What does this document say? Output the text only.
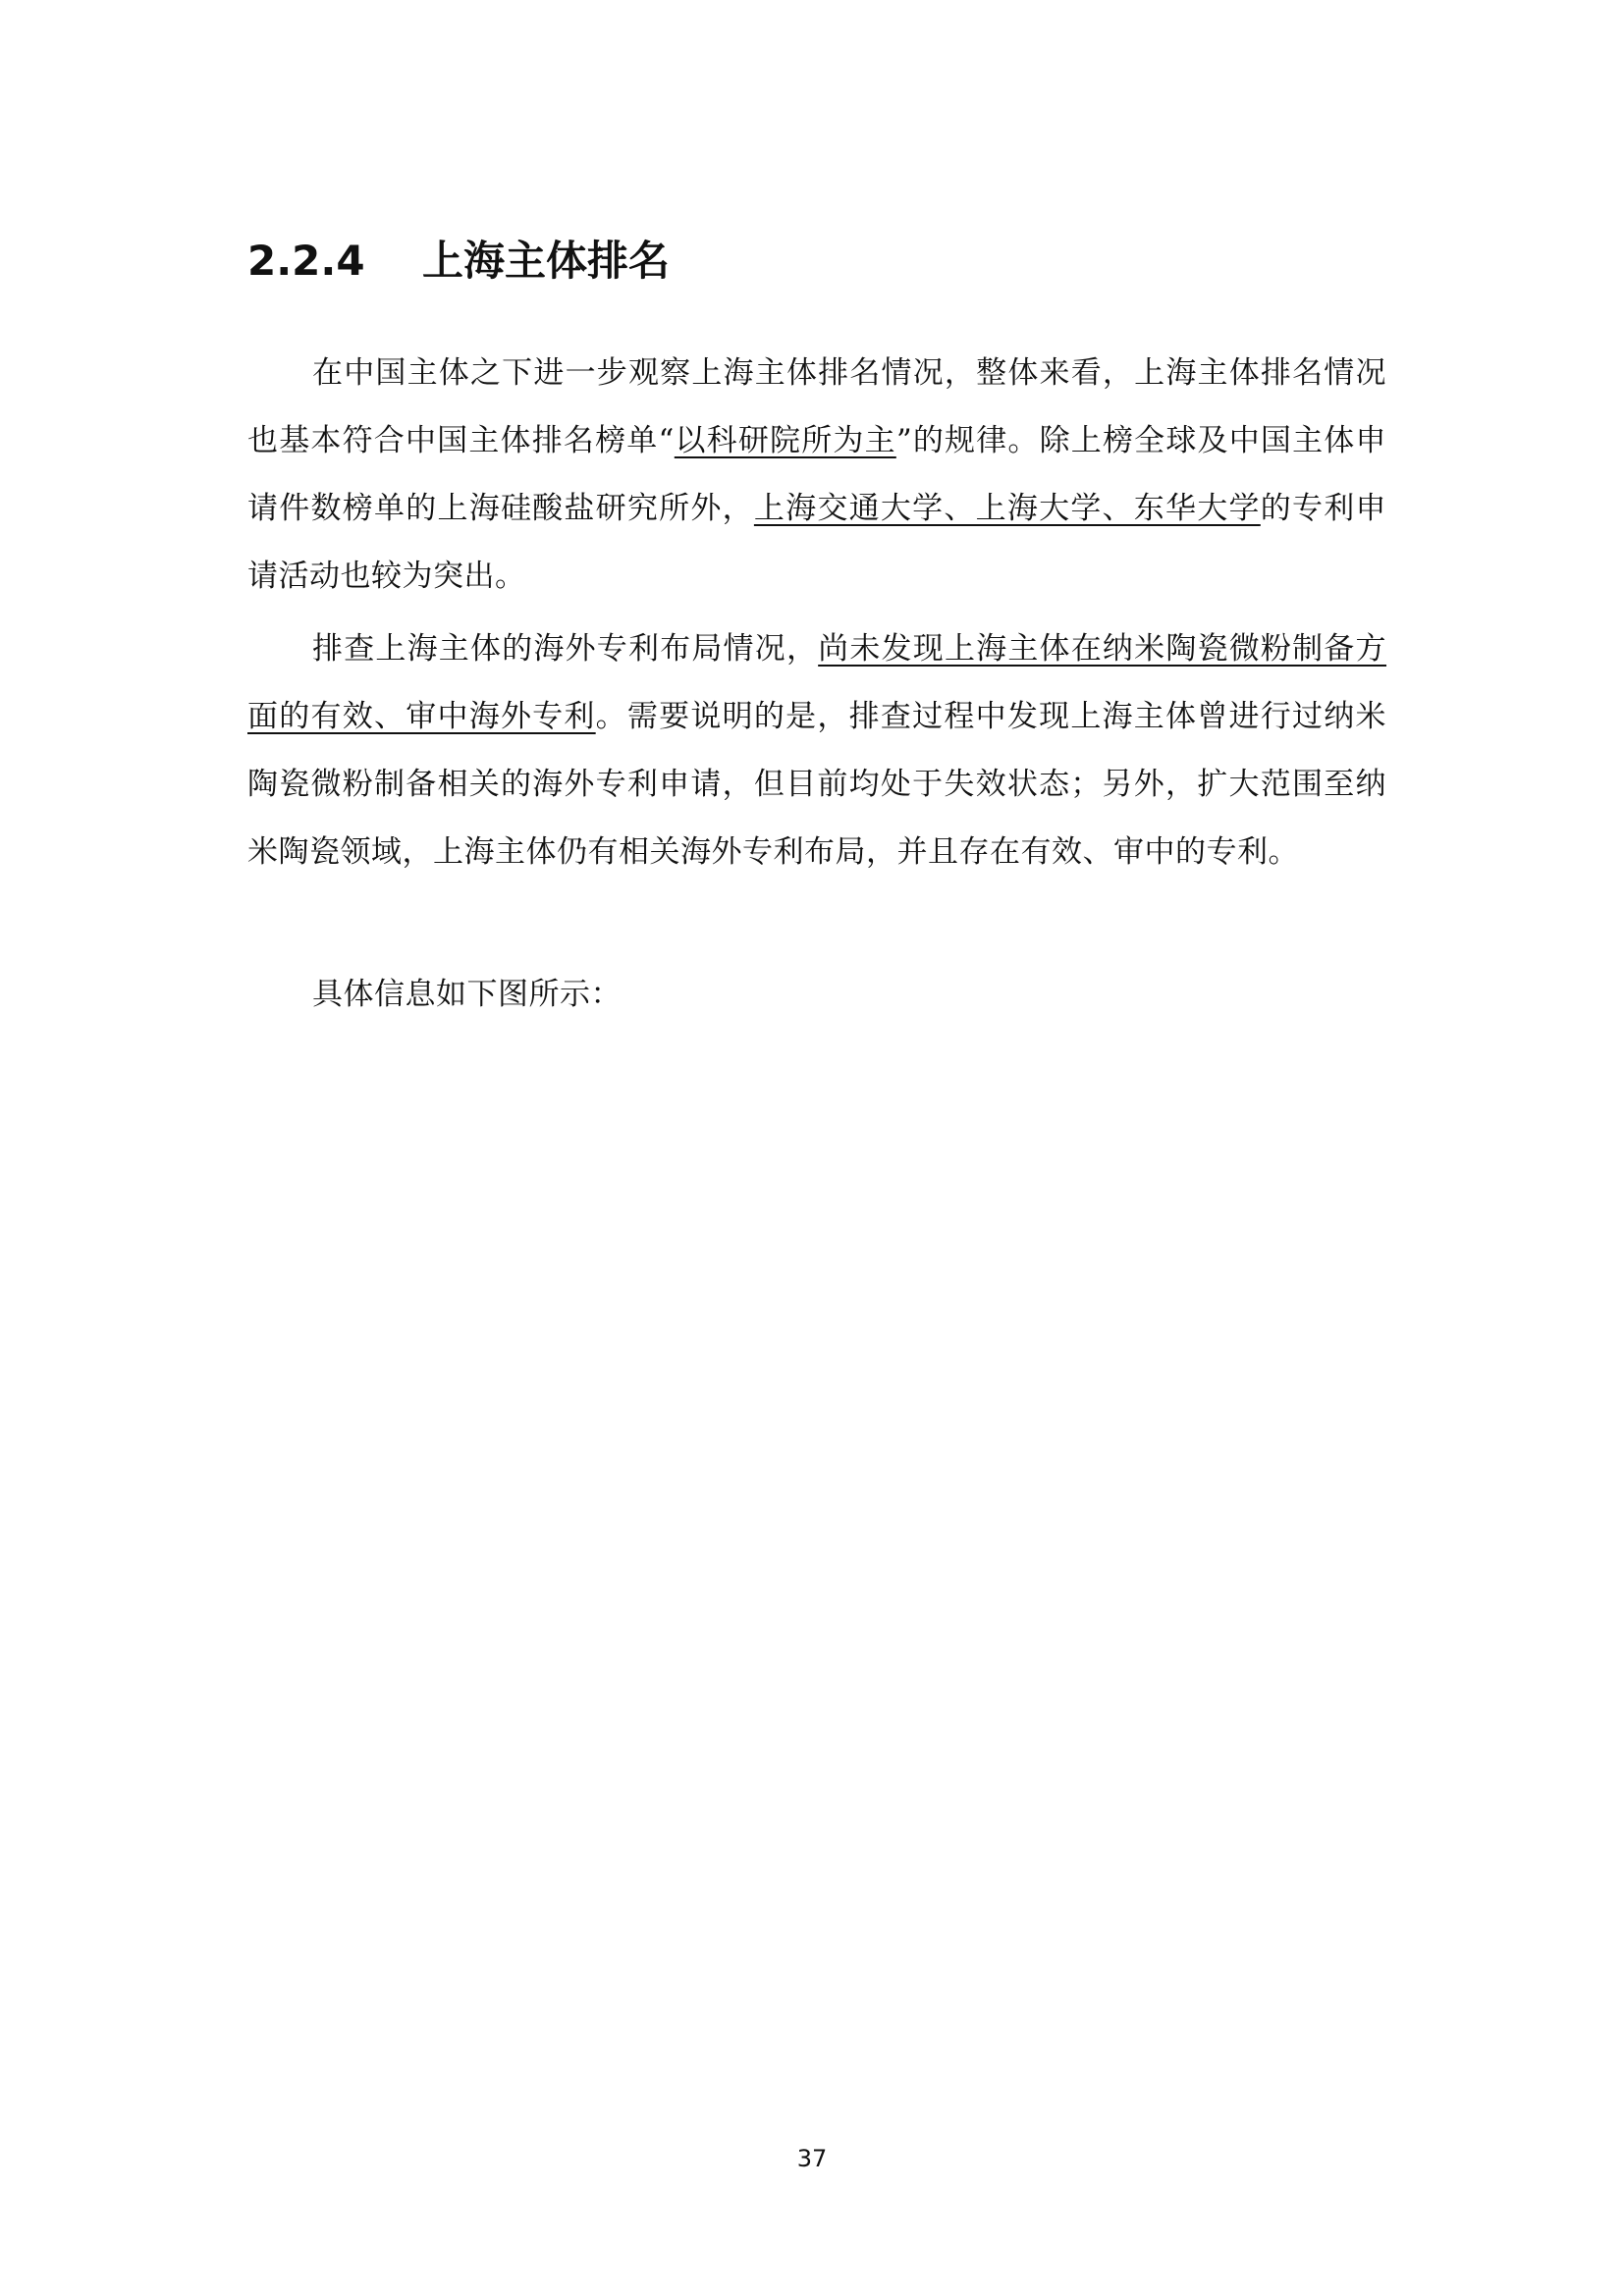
2.2.4 上海主体排名

在中国主体之下进一步观察上海主体排名情况，整体来看，上海主体排名情况也基本符合中国主体排名榜单“以科研院所为主”的规律。除上榜全球及中国主体申请件数榜单的上海硅酸盐研究所外，上海交通大学、上海大学、东华大学的专利申请活动也较为突出。

排查上海主体的海外专利布局情况，尚未发现上海主体在纳米陶瓷微粉制备方面的有效、审中海外专利。需要说明的是，排查过程中发现上海主体曾进行过纳米陶瓷微粉制备相关的海外专利申请，但目前均处于失效状态；另外，扩大范围至纳米陶瓷领域，上海主体仍有相关海外专利布局，并且存在有效、审中的专利。

具体信息如下图所示：

37
